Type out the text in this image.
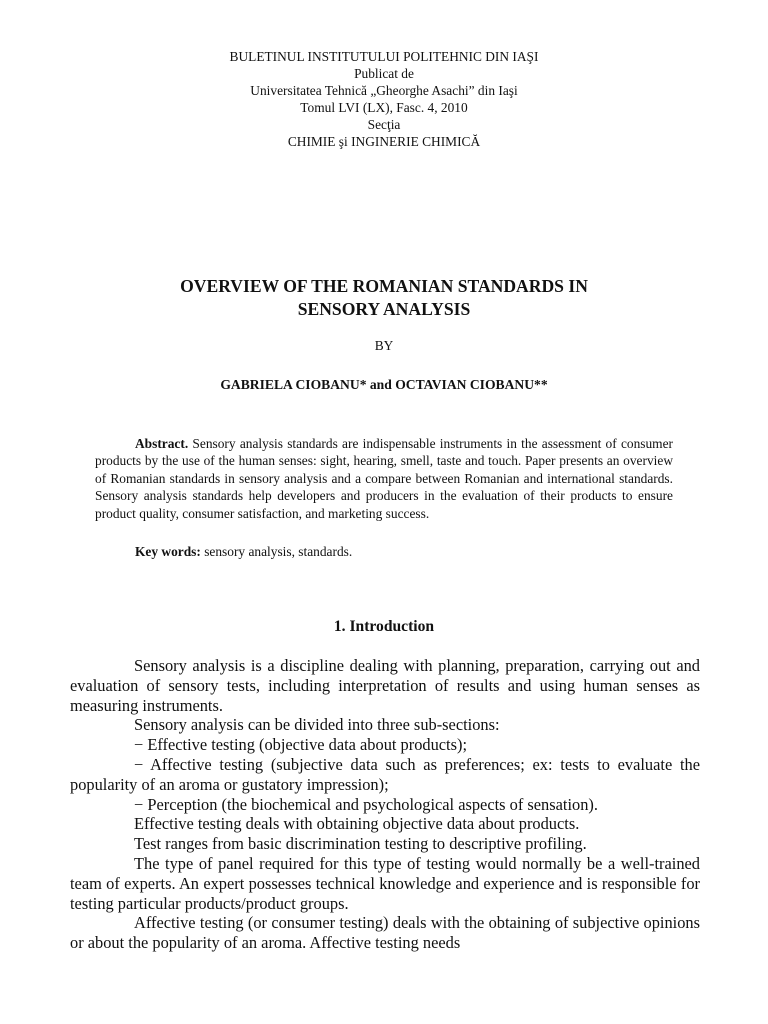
BULETINUL INSTITUTULUI POLITEHNIC DIN IAŞI
Publicat de
Universitatea Tehnică „Gheorghe Asachi” din Iaşi
Tomul LVI (LX), Fasc. 4, 2010
Secţia
CHIMIE şi INGINERIE CHIMICĂ
OVERVIEW OF THE ROMANIAN STANDARDS IN
SENSORY ANALYSIS
BY
GABRIELA CIOBANU* and OCTAVIAN CIOBANU**

Abstract. Sensory analysis standards are indispensable instruments in the assessment of consumer products by the use of the human senses: sight, hearing, smell, taste and touch. Paper presents an overview of Romanian standards in sensory analysis and a compare between Romanian and international standards. Sensory analysis standards help developers and producers in the evaluation of their products to ensure product quality, consumer satisfaction, and marketing success.

Key words: sensory analysis, standards.
1. Introduction

Sensory analysis is a discipline dealing with planning, preparation, carrying out and evaluation of sensory tests, including interpretation of results and using human senses as measuring instruments.

Sensory analysis can be divided into three sub-sections:

− Effective testing (objective data about products);

− Affective testing (subjective data such as preferences; ex: tests to evaluate the popularity of an aroma or gustatory impression);

− Perception (the biochemical and psychological aspects of sensation).

Effective testing deals with obtaining objective data about products.

Test ranges from basic discrimination testing to descriptive profiling.

The type of panel required for this type of testing would normally be a well-trained team of experts. An expert possesses technical knowledge and experience and is responsible for testing particular products/product groups.

Affective testing (or consumer testing) deals with the obtaining of subjective opinions or about the popularity of an aroma. Affective testing needs
